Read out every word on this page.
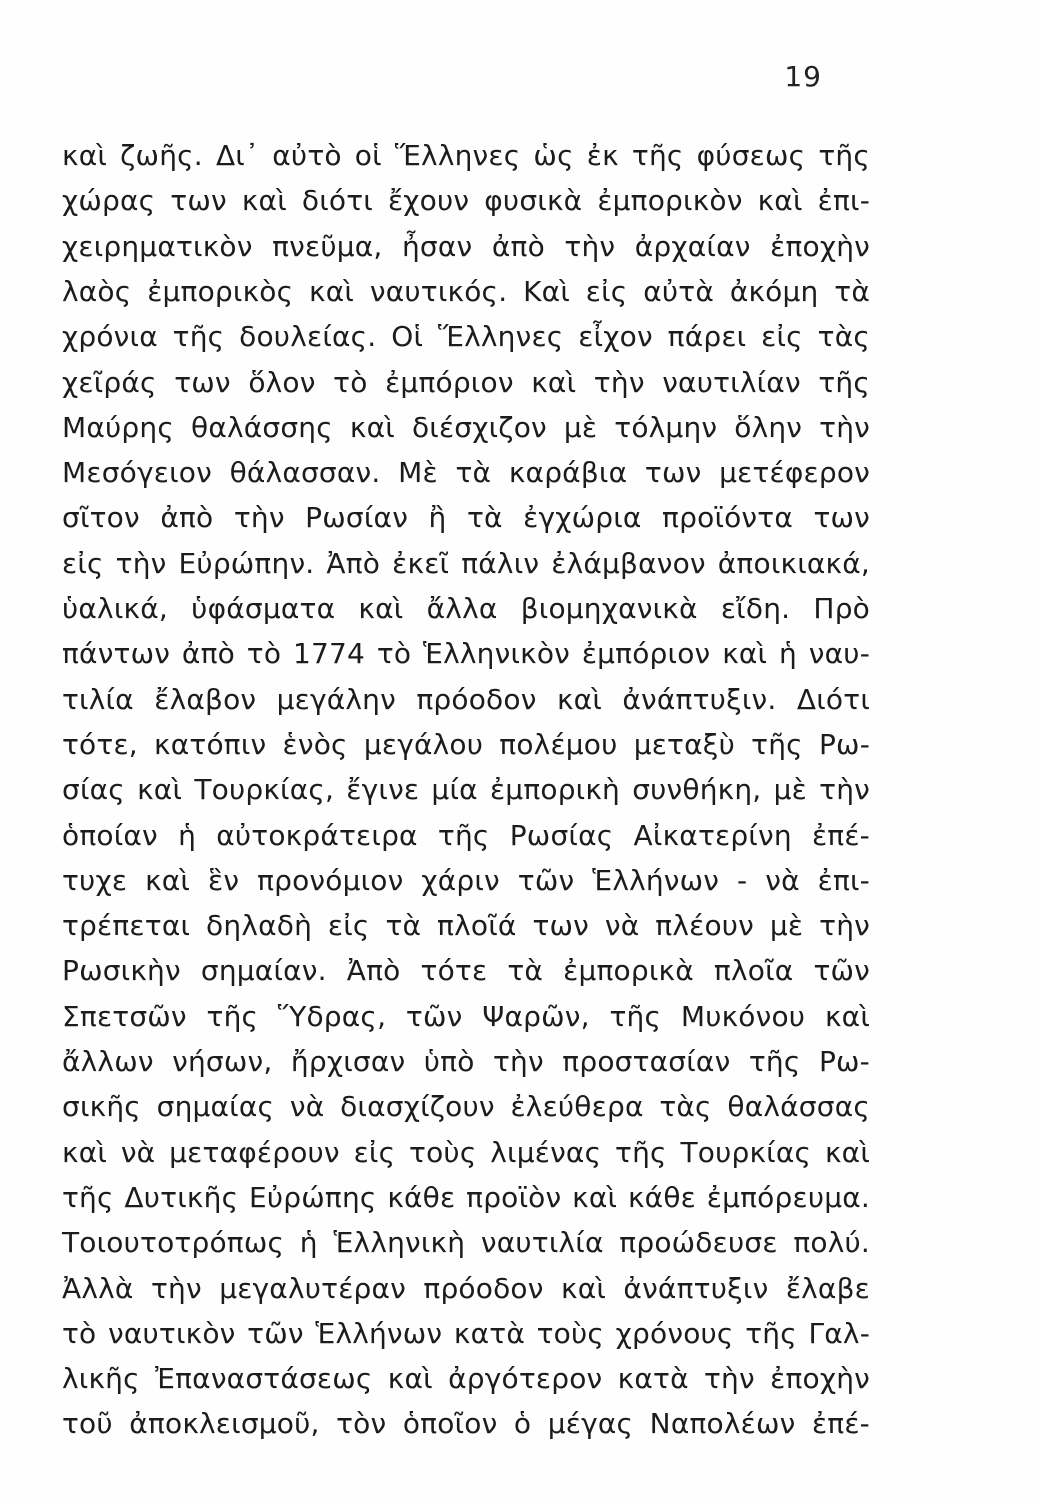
19
καὶ ζωῆς. Δι᾽ αὐτὸ οἱ Ἕλληνες ὡς ἐκ τῆς φύσεως τῆς
χώρας των καὶ διότι ἔχουν φυσικὰ ἐμπορικὸν καὶ ἐπι-
χειρηματικὸν πνεῦμα, ἦσαν ἀπὸ τὴν ἀρχαίαν ἐποχὴν
λαὸς ἐμπορικὸς καὶ ναυτικός. Καὶ εἰς αὐτὰ ἀκόμη τὰ
χρόνια τῆς δουλείας. Οἱ Ἕλληνες εἶχον πάρει εἰς τὰς
χεῖράς των ὅλον τὸ ἐμπόριον καὶ τὴν ναυτιλίαν τῆς
Μαύρης θαλάσσης καὶ διέσχιζον μὲ τόλμην ὅλην τὴν
Μεσόγειον θάλασσαν. Μὲ τὰ καράβια των μετέφερον
σῖτον ἀπὸ τὴν Ρωσίαν ἢ τὰ ἐγχώρια προϊόντα των
εἰς τὴν Εὐρώπην. Ἀπὸ ἐκεῖ πάλιν ἐλάμβανον ἀποικιακά,
ὑαλικά, ὑφάσματα καὶ ἄλλα βιομηχανικὰ εἴδη. Πρὸ
πάντων ἀπὸ τὸ 1774 τὸ Ἑλληνικὸν ἐμπόριον καὶ ἡ ναυ-
τιλία ἔλαβον μεγάλην πρόοδον καὶ ἀνάπτυξιν. Διότι
τότε, κατόπιν ἑνὸς μεγάλου πολέμου μεταξὺ τῆς Ρω-
σίας καὶ Τουρκίας, ἔγινε μία ἐμπορικὴ συνθήκη, μὲ τὴν
ὁποίαν ἡ αὐτοκράτειρα τῆς Ρωσίας Αἰκατερίνη ἐπέ-
τυχε καὶ ἓν προνόμιον χάριν τῶν Ἑλλήνων - νὰ ἐπι-
τρέπεται δηλαδὴ εἰς τὰ πλοῖά των νὰ πλέουν μὲ τὴν
Ρωσικὴν σημαίαν. Ἀπὸ τότε τὰ ἐμπορικὰ πλοῖα τῶν
Σπετσῶν τῆς Ὕδρας, τῶν Ψαρῶν, τῆς Μυκόνου καὶ
ἄλλων νήσων, ἤρχισαν ὑπὸ τὴν προστασίαν τῆς Ρω-
σικῆς σημαίας νὰ διασχίζουν ἐλεύθερα τὰς θαλάσσας
καὶ νὰ μεταφέρουν εἰς τοὺς λιμένας τῆς Τουρκίας καὶ
τῆς Δυτικῆς Εὐρώπης κάθε προϊὸν καὶ κάθε ἐμπόρευμα.
Τοιουτοτρόπως ἡ Ἑλληνικὴ ναυτιλία προώδευσε πολύ.
Ἀλλὰ τὴν μεγαλυτέραν πρόοδον καὶ ἀνάπτυξιν ἔλαβε
τὸ ναυτικὸν τῶν Ἑλλήνων κατὰ τοὺς χρόνους τῆς Γαλ-
λικῆς Ἐπαναστάσεως καὶ ἀργότερον κατὰ τὴν ἐποχὴν
τοῦ ἀποκλεισμοῦ, τὸν ὁποῖον ὁ μέγας Ναπολέων ἐπέ-
